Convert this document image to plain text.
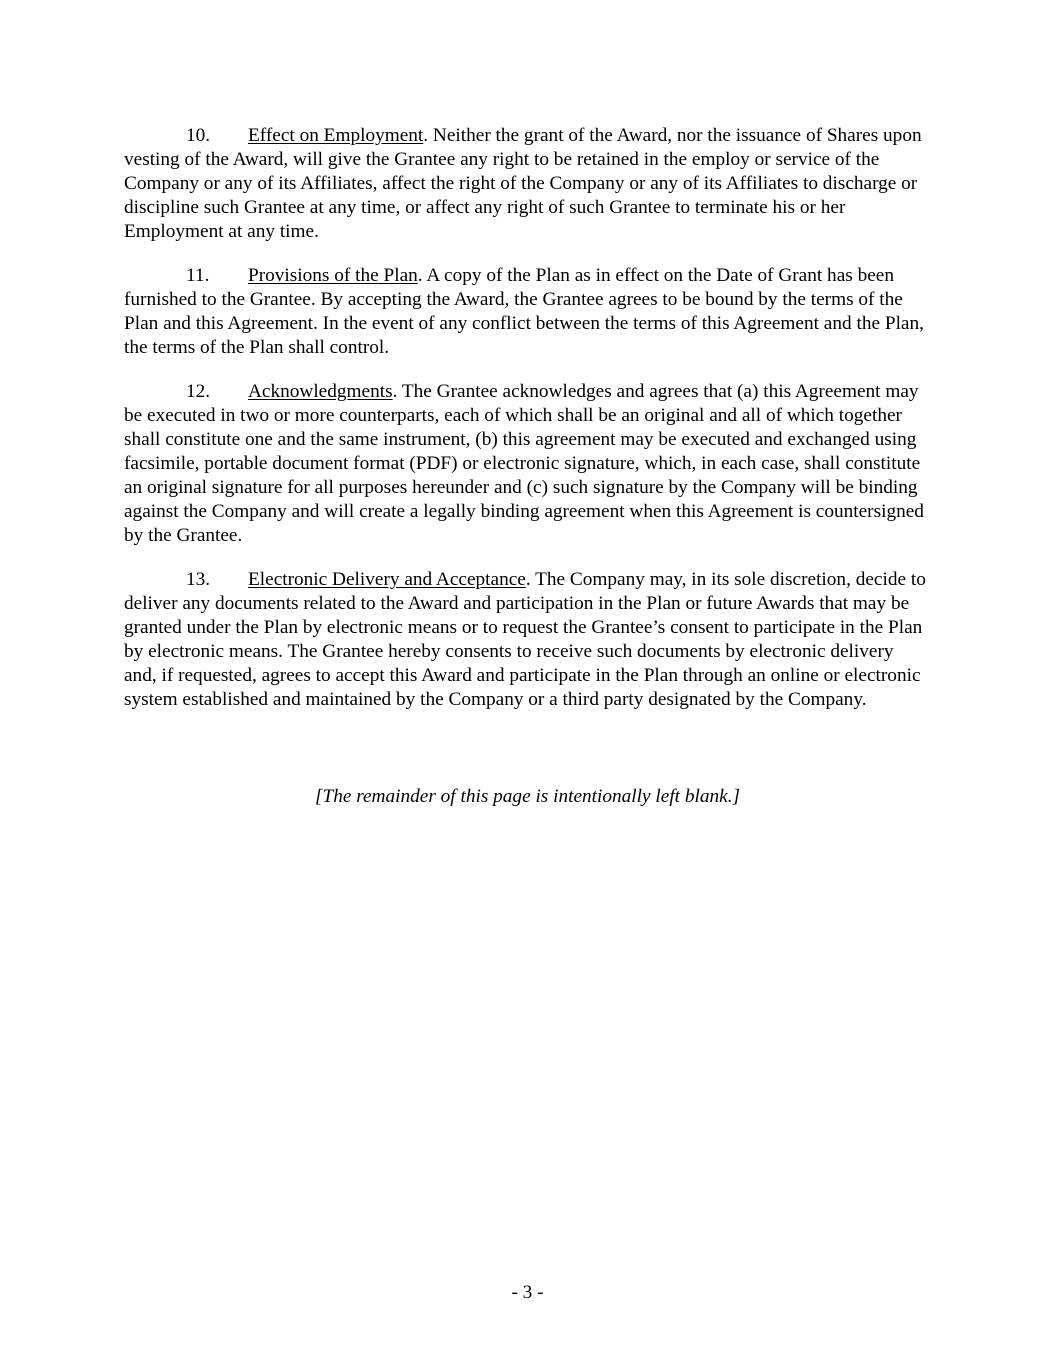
10. Effect on Employment. Neither the grant of the Award, nor the issuance of Shares upon vesting of the Award, will give the Grantee any right to be retained in the employ or service of the Company or any of its Affiliates, affect the right of the Company or any of its Affiliates to discharge or discipline such Grantee at any time, or affect any right of such Grantee to terminate his or her Employment at any time.

11. Provisions of the Plan. A copy of the Plan as in effect on the Date of Grant has been furnished to the Grantee. By accepting the Award, the Grantee agrees to be bound by the terms of the Plan and this Agreement. In the event of any conflict between the terms of this Agreement and the Plan, the terms of the Plan shall control.

12. Acknowledgments. The Grantee acknowledges and agrees that (a) this Agreement may be executed in two or more counterparts, each of which shall be an original and all of which together shall constitute one and the same instrument, (b) this agreement may be executed and exchanged using facsimile, portable document format (PDF) or electronic signature, which, in each case, shall constitute an original signature for all purposes hereunder and (c) such signature by the Company will be binding against the Company and will create a legally binding agreement when this Agreement is countersigned by the Grantee.

13. Electronic Delivery and Acceptance. The Company may, in its sole discretion, decide to deliver any documents related to the Award and participation in the Plan or future Awards that may be granted under the Plan by electronic means or to request the Grantee’s consent to participate in the Plan by electronic means. The Grantee hereby consents to receive such documents by electronic delivery and, if requested, agrees to accept this Award and participate in the Plan through an online or electronic system established and maintained by the Company or a third party designated by the Company.

[The remainder of this page is intentionally left blank.]
- 3 -
